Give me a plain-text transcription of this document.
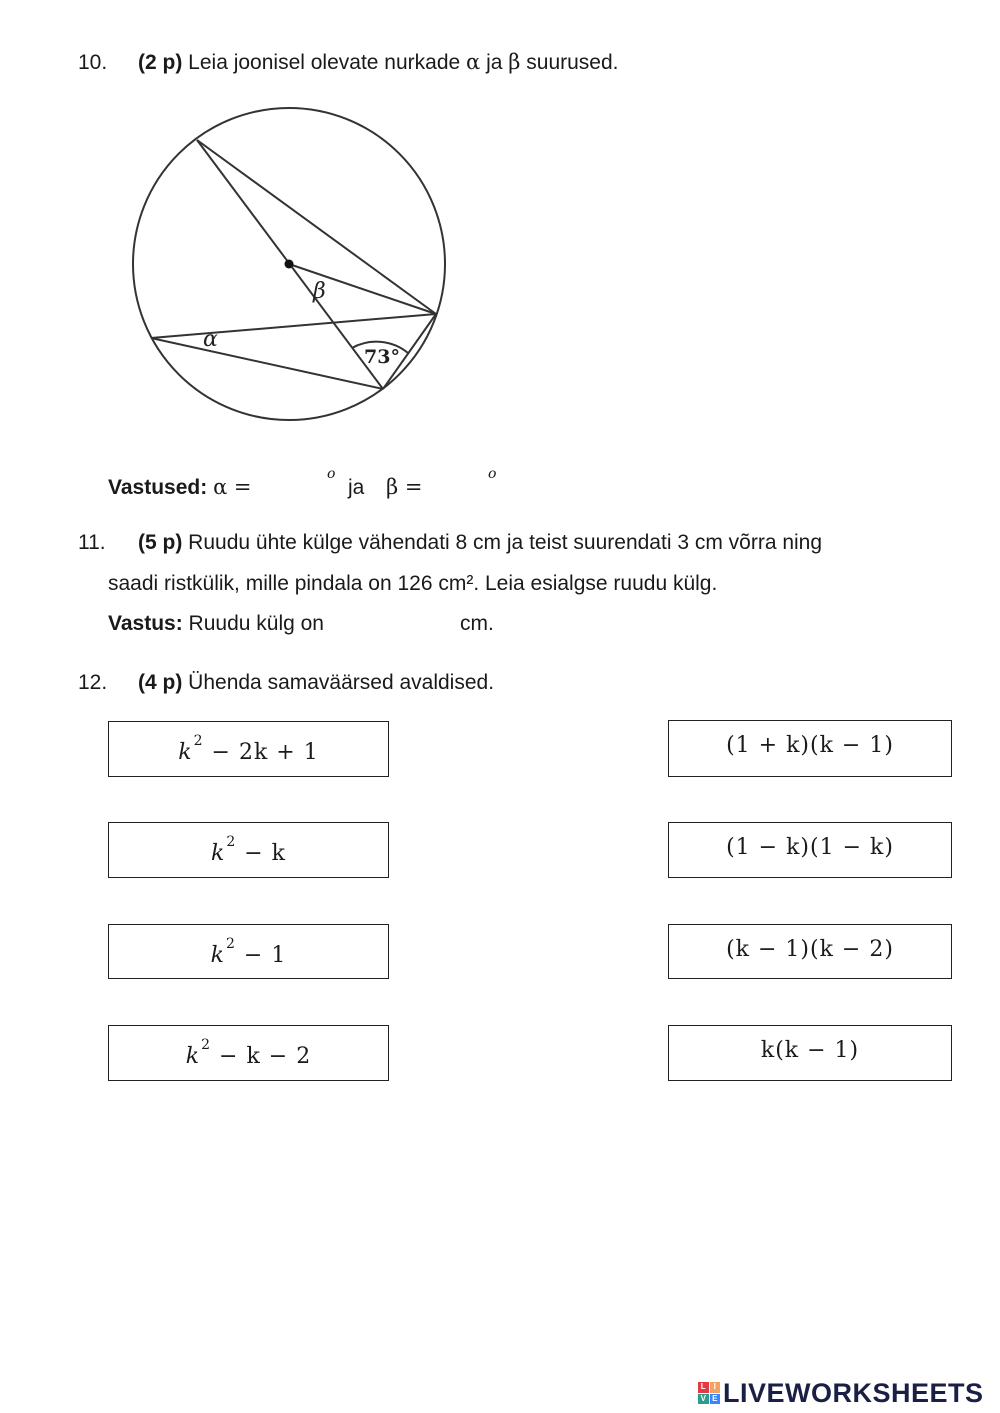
10. (2 p) Leia joonisel olevate nurkade α ja β suurused.
β
α
73°
Vastused: α =
o
ja β =
o
11. (5 p) Ruudu ühte külge vähendati 8 cm ja teist suurendati 3 cm võrra ning
saadi ristkülik, mille pindala on 126 cm². Leia esialgse ruudu külg.
Vastus: Ruudu külg on	cm.
12. (4 p) Ühenda samaväärsed avaldised.
$k^2 - 2k + 1$
$k^2 - k$
$k^2 - 1$
$k^2 - k - 2$
(1 + k)(k − 1)
(1 − k)(1 − k)
(k − 1)(k − 2)
k(k − 1)
L I
V E LIVEWORKSHEETS
